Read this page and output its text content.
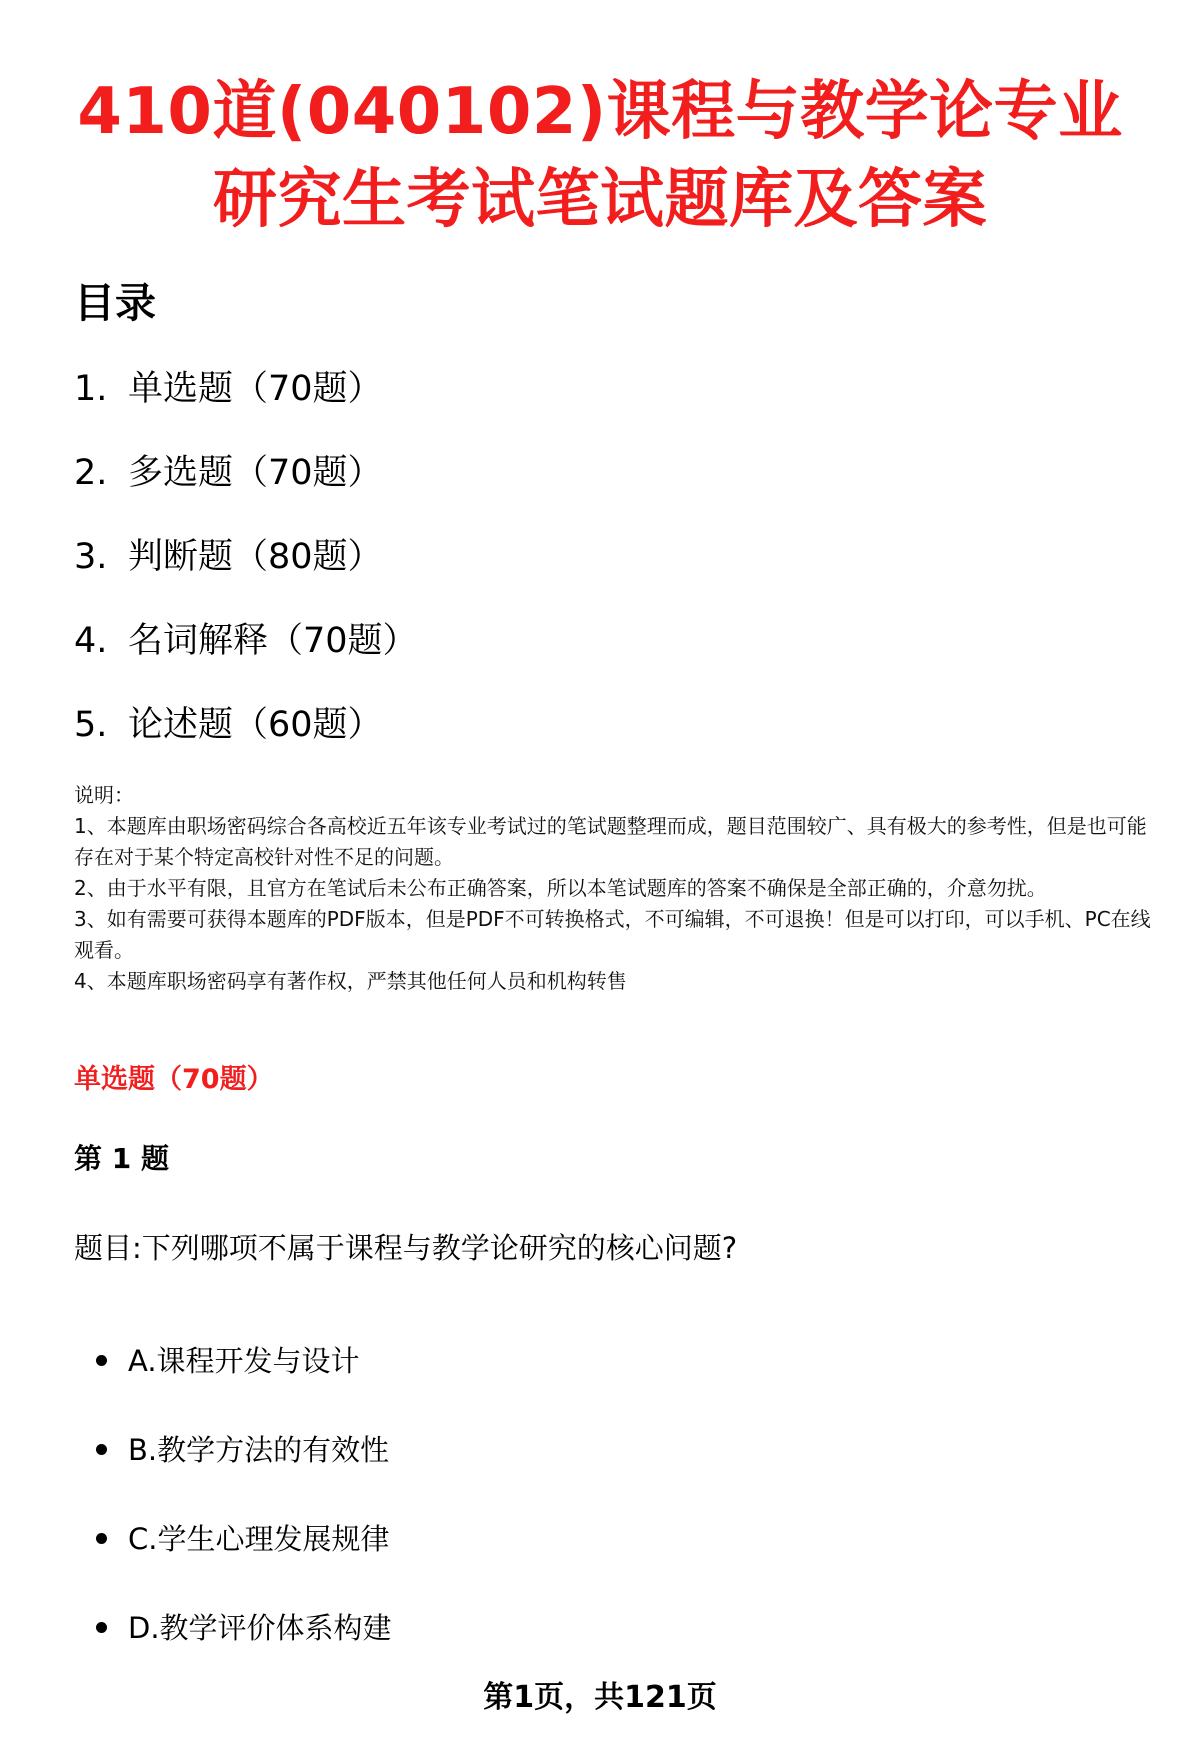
410道(040102)课程与教学论专业
研究生考试笔试题库及答案
目录
1. 单选题（70题）
2. 多选题（70题）
3. 判断题（80题）
4. 名词解释（70题）
5. 论述题（60题）
说明：
1、本题库由职场密码综合各高校近五年该专业考试过的笔试题整理而成，题目范围较广、具有极大的参考性，但是也可能存在对于某个特定高校针对性不足的问题。
2、由于水平有限，且官方在笔试后未公布正确答案，所以本笔试题库的答案不确保是全部正确的，介意勿扰。
3、如有需要可获得本题库的PDF版本，但是PDF不可转换格式，不可编辑，不可退换！但是可以打印，可以手机、PC在线观看。
4、本题库职场密码享有著作权，严禁其他任何人员和机构转售
单选题（70题）
第 1 题
题目:下列哪项不属于课程与教学论研究的核心问题?
A.课程开发与设计
B.教学方法的有效性
C.学生心理发展规律
D.教学评价体系构建
第1页，共121页
